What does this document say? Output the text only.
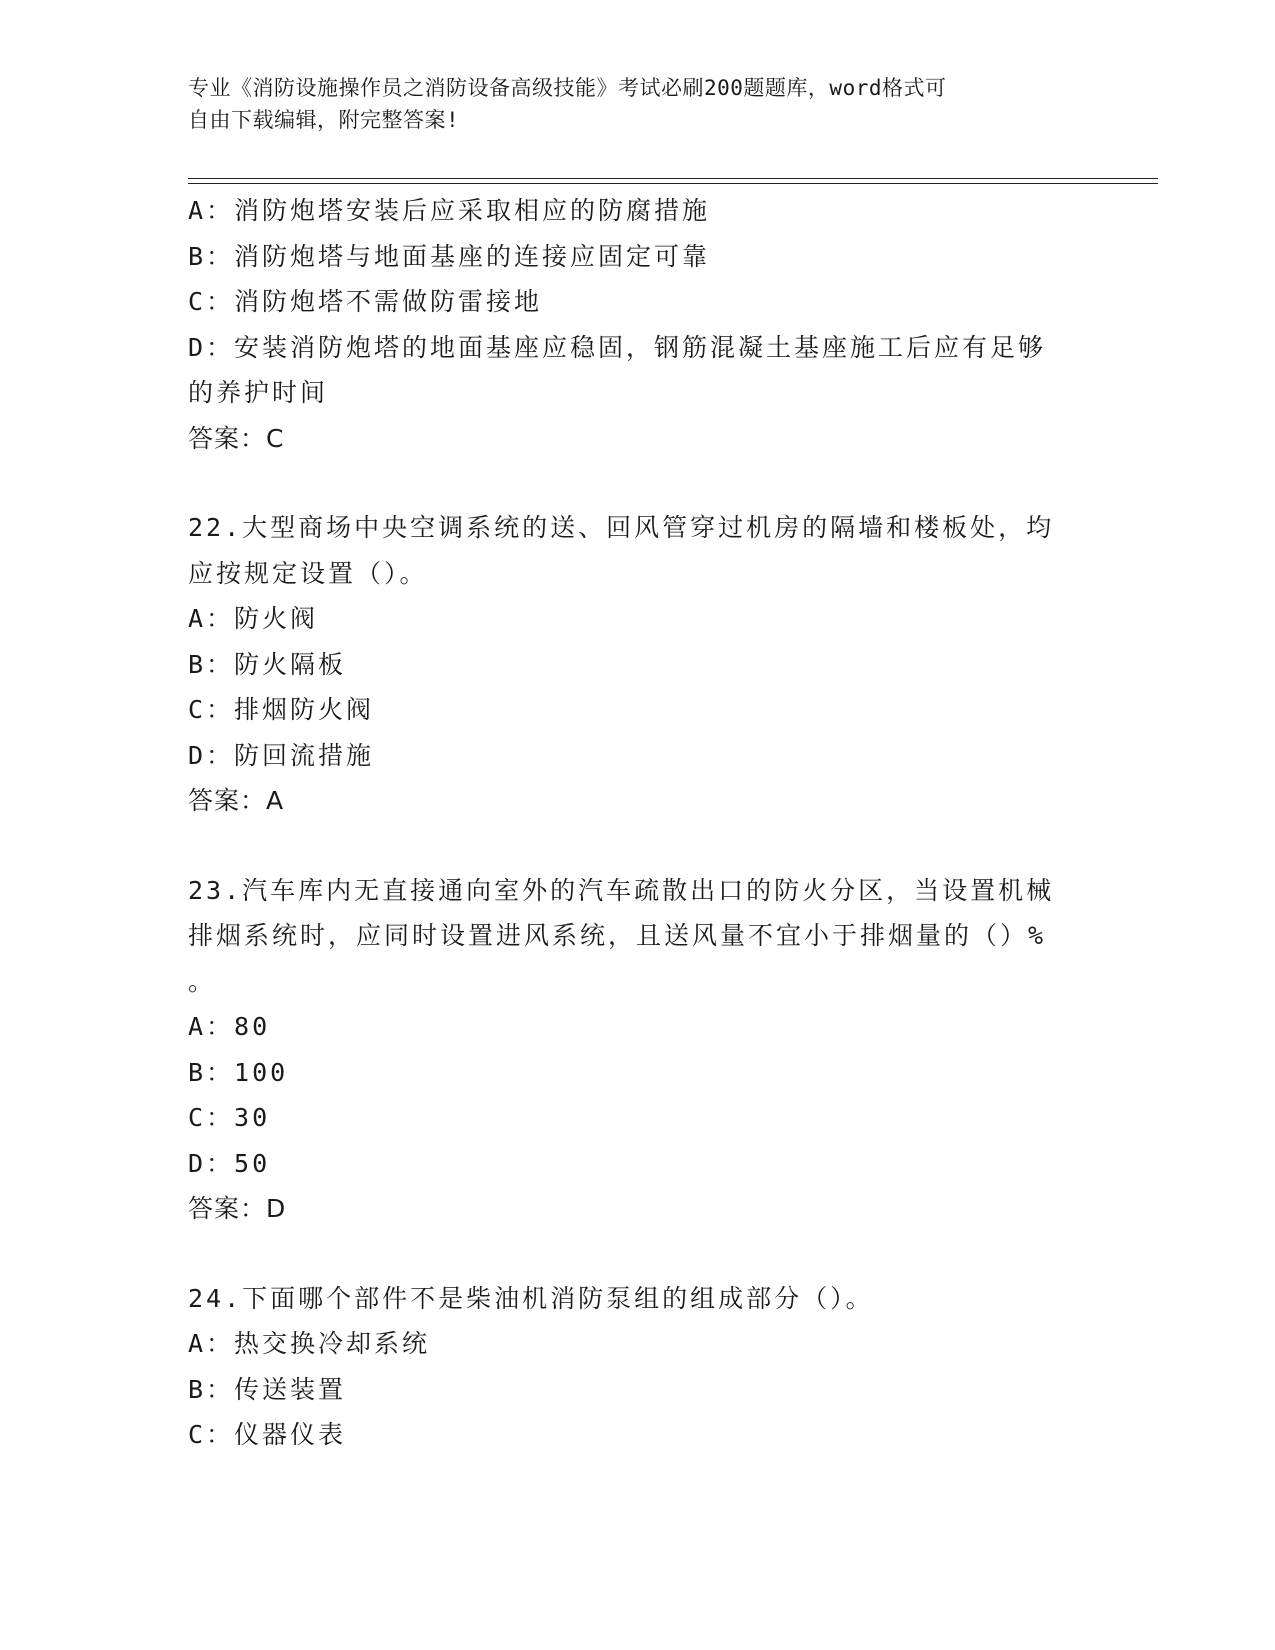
专业《消防设施操作员之消防设备高级技能》考试必刷200题题库，word格式可
自由下载编辑，附完整答案!

A：消防炮塔安装后应采取相应的防腐措施

B：消防炮塔与地面基座的连接应固定可靠

C：消防炮塔不需做防雷接地

D：安装消防炮塔的地面基座应稳固，钢筋混凝土基座施工后应有足够

的养护时间

答案：C

22.大型商场中央空调系统的送、回风管穿过机房的隔墙和楼板处，均

应按规定设置（）。

A：防火阀

B：防火隔板

C：排烟防火阀

D：防回流措施

答案：A

23.汽车库内无直接通向室外的汽车疏散出口的防火分区，当设置机械

排烟系统时，应同时设置进风系统，且送风量不宜小于排烟量的（）%

。

A：80

B：100

C：30

D：50

答案：D

24.下面哪个部件不是柴油机消防泵组的组成部分（）。

A：热交换冷却系统

B：传送装置

C：仪器仪表
